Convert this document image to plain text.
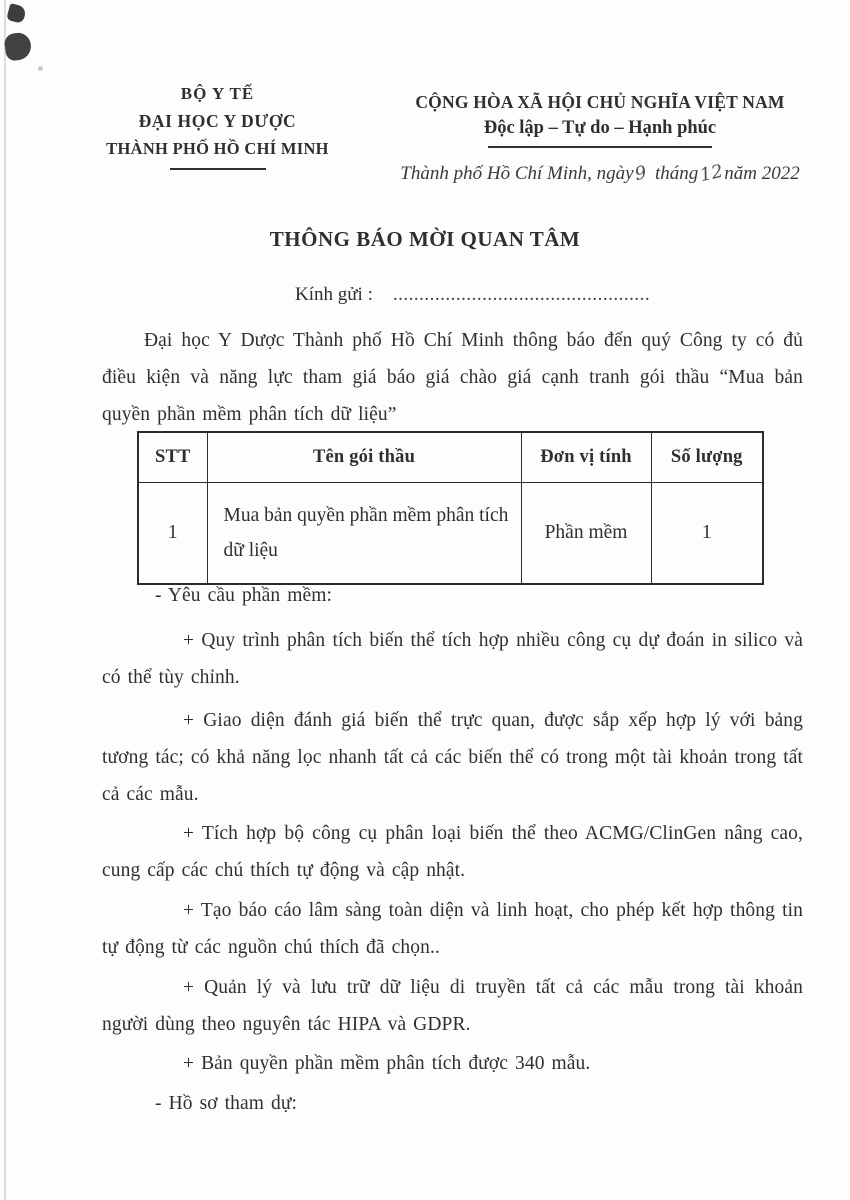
BỘ Y TẾ
ĐẠI HỌC Y DƯỢC
THÀNH PHỐ HỒ CHÍ MINH
CỘNG HÒA XÃ HỘI CHỦ NGHĨA VIỆT NAM
Độc lập – Tự do – Hạnh phúc
Thành phố Hồ Chí Minh, ngày9 tháng12năm 2022
THÔNG BÁO MỜI QUAN TÂM
Kính gửi : .................................................

Đại học Y Dược Thành phố Hồ Chí Minh thông báo đến quý Công ty có đủ điều kiện và năng lực tham giá báo giá chào giá cạnh tranh gói thầu “Mua bản quyền phần mềm phân tích dữ liệu”

STT	Tên gói thầu	Đơn vị tính	Số lượng
1	Mua bản quyền phần mềm phân tích dữ liệu	Phần mềm	1

- Yêu cầu phần mềm:

+ Quy trình phân tích biến thể tích hợp nhiều công cụ dự đoán in silico và có thể tùy chỉnh.

+ Giao diện đánh giá biến thể trực quan, được sắp xếp hợp lý với bảng tương tác; có khả năng lọc nhanh tất cả các biến thể có trong một tài khoản trong tất cả các mẫu.

+ Tích hợp bộ công cụ phân loại biến thể theo ACMG/ClinGen nâng cao, cung cấp các chú thích tự động và cập nhật.

+ Tạo báo cáo lâm sàng toàn diện và linh hoạt, cho phép kết hợp thông tin tự động từ các nguồn chú thích đã chọn..

+ Quản lý và lưu trữ dữ liệu di truyền tất cả các mẫu trong tài khoản người dùng theo nguyên tác HIPA và GDPR.

+ Bản quyền phần mềm phân tích được 340 mẫu.

- Hồ sơ tham dự:
